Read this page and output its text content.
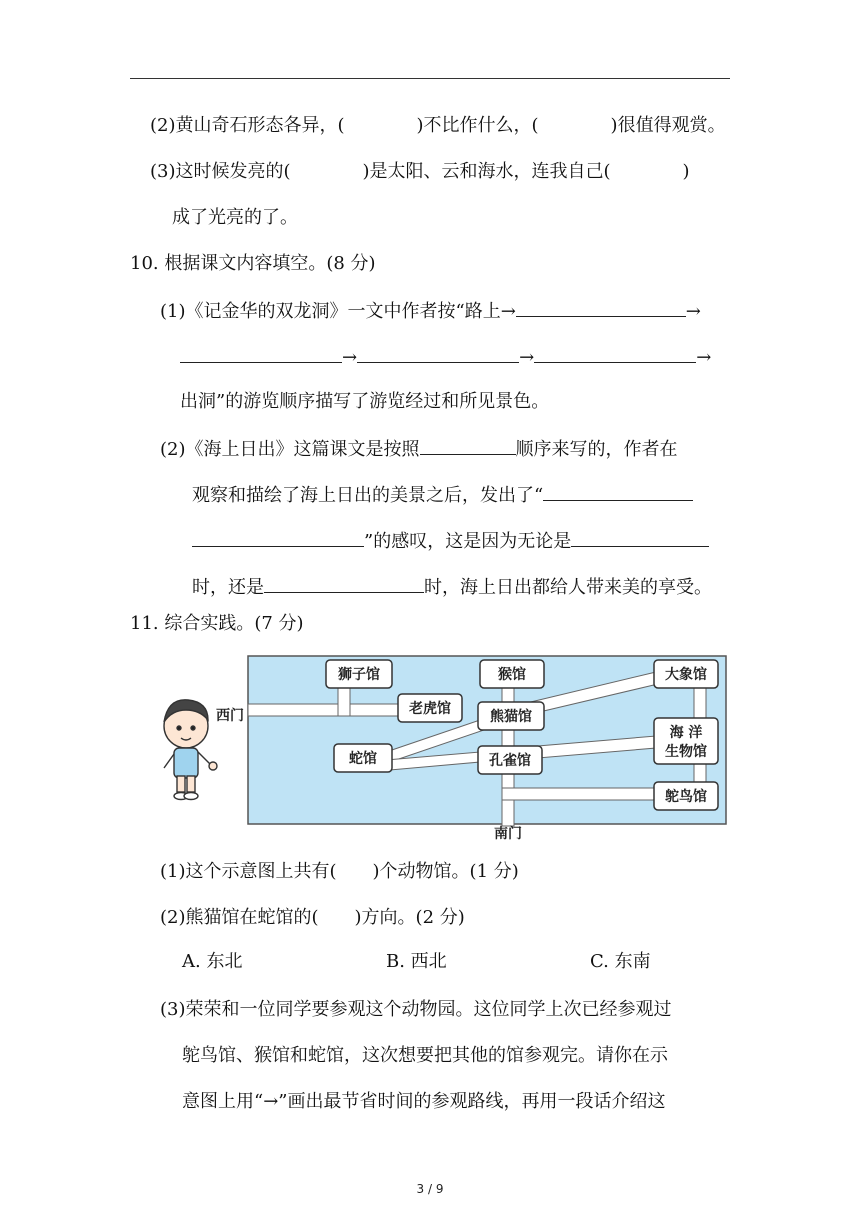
(2)黄山奇石形态各异，(　　　　)不比作什么，(　　　　)很值得观赏。
(3)这时候发亮的(　　　　)是太阳、云和海水，连我自己(　　　　)
成了光亮的了。
10. 根据课文内容填空。(8 分)
(1)《记金华的双龙洞》一文中作者按“路上→	→
→	→	→
出洞”的游览顺序描写了游览经过和所见景色。
(2)《海上日出》这篇课文是按照	顺序来写的，作者在
观察和描绘了海上日出的美景之后，发出了“
”的感叹，这是因为无论是
时，还是	时，海上日出都给人带来美的享受。
11. 综合实践。(7 分)
狮子馆	猴馆	大象馆
老虎馆	熊猫馆
海 洋
生物馆
蛇馆	孔雀馆
鸵鸟馆
西门
南门
(1)这个示意图上共有(　　)个动物馆。(1 分)
(2)熊猫馆在蛇馆的(　　)方向。(2 分)
A. 东北	B. 西北	C. 东南
(3)荣荣和一位同学要参观这个动物园。这位同学上次已经参观过
鸵鸟馆、猴馆和蛇馆，这次想要把其他的馆参观完。请你在示
意图上用“→”画出最节省时间的参观路线，再用一段话介绍这
3 / 9
